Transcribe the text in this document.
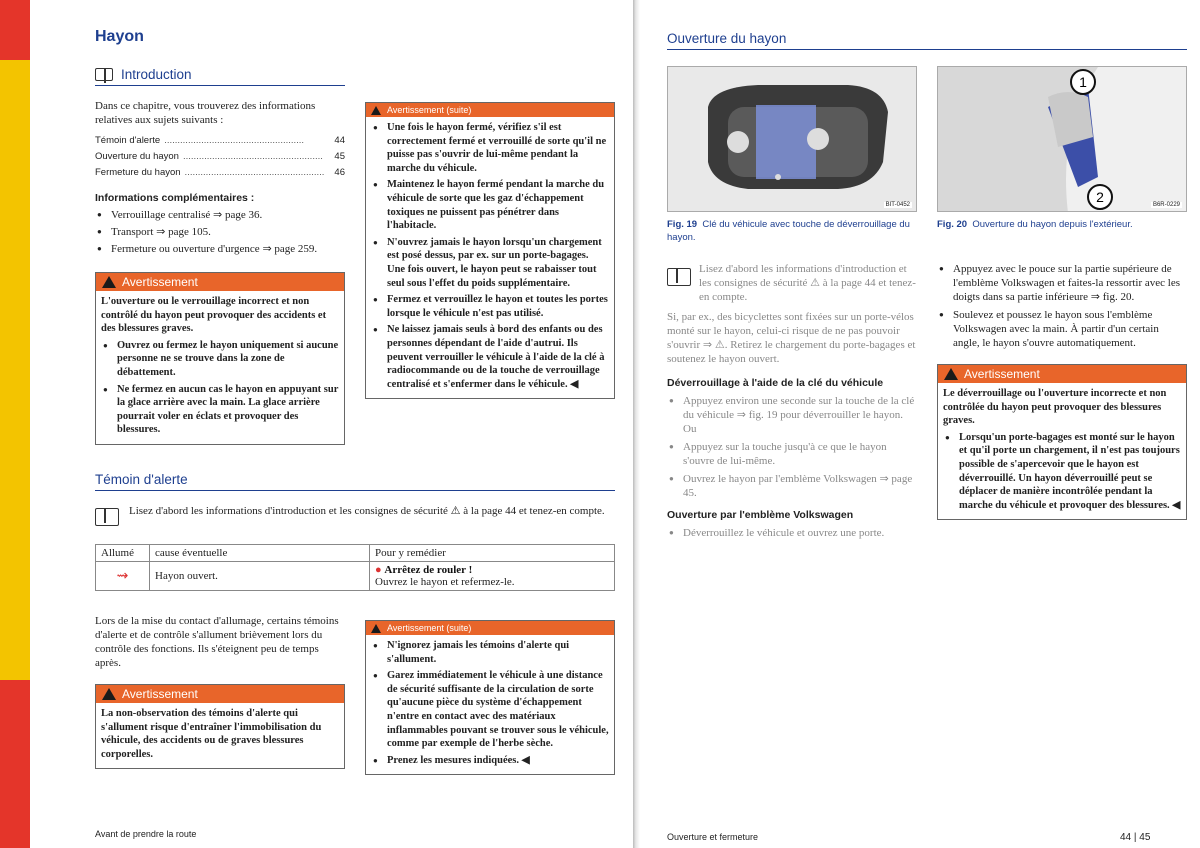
Hayon
Introduction

Dans ce chapitre, vous trouverez des informations relatives aux sujets suivants :

Témoin d'alerte .....................................................	44
Ouverture du hayon .....................................................	45
Fermeture du hayon .....................................................	46

Informations complémentaires :

● Verrouillage centralisé ⇒ page 36.
● Transport ⇒ page 105.
● Fermeture ou ouverture d'urgence ⇒ page 259.
Avertissement

L'ouverture ou le verrouillage incorrect et non contrôlé du hayon peut provoquer des accidents et des blessures graves.

● Ouvrez ou fermez le hayon uniquement si aucune personne ne se trouve dans la zone de débattement.

● Ne fermez en aucun cas le hayon en appuyant sur la glace arrière avec la main. La glace arrière pourrait voler en éclats et provoquer des blessures.

Avertissement (suite)

● Une fois le hayon fermé, vérifiez s'il est correctement fermé et verrouillé de sorte qu'il ne puisse pas s'ouvrir de lui-même pendant la marche du véhicule.

● Maintenez le hayon fermé pendant la marche du véhicule de sorte que les gaz d'échappement toxiques ne puissent pas pénétrer dans l'habitacle.

● N'ouvrez jamais le hayon lorsqu'un chargement est posé dessus, par ex. sur un porte-bagages. Une fois ouvert, le hayon peut se rabaisser tout seul sous l'effet du poids supplémentaire.

● Fermez et verrouillez le hayon et toutes les portes lorsque le véhicule n'est pas utilisé.

● Ne laissez jamais seuls à bord des enfants ou des personnes dépendant de l'aide d'autrui. Ils peuvent verrouiller le véhicule à l'aide de la clé à radiocommande ou de la touche de verrouillage centralisé et s'enfermer dans le véhicule. ◀

Témoin d'alerte

Lisez d'abord les informations d'introduction et les consignes de sécurité ⚠ à la page 44 et tenez-en compte.

Allumé	cause éventuelle	Pour y remédier
⇝	Hayon ouvert.	● Arrêtez de rouler !
Ouvrez le hayon et refermez-le.

Lors de la mise du contact d'allumage, certains témoins d'alerte et de contrôle s'allument brièvement lors du contrôle des fonctions. Ils s'éteignent peu de temps après.

Avertissement

La non-observation des témoins d'alerte qui s'allument risque d'entraîner l'immobilisation du véhicule, des accidents ou de graves blessures corporelles.

Avertissement (suite)

● N'ignorez jamais les témoins d'alerte qui s'allument.

● Garez immédiatement le véhicule à une distance de sécurité suffisante de la circulation de sorte qu'aucune pièce du système d'échappement n'entre en contact avec des matériaux inflammables pouvant se trouver sous le véhicule, comme par exemple de l'herbe sèche.

● Prenez les mesures indiquées. ◀

Avant de prendre la route
Ouverture du hayon
BIT-0452
Fig. 19 Clé du véhicule avec touche de déverrouillage du hayon.
1
2	B6R-0229
Fig. 20 Ouverture du hayon depuis l'extérieur.

Lisez d'abord les informations d'introduction et les consignes de sécurité ⚠ à la page 44 et tenez-en compte.

Si, par ex., des bicyclettes sont fixées sur un porte-vélos monté sur le hayon, celui-ci risque de ne pas pouvoir s'ouvrir ⇒ ⚠. Retirez le chargement du porte-bagages et soutenez le hayon ouvert.

Déverrouillage à l'aide de la clé du véhicule

● Appuyez environ une seconde sur la touche de la clé du véhicule ⇒ fig. 19 pour déverrouiller le hayon. Ou
● Appuyez sur la touche jusqu'à ce que le hayon s'ouvre de lui-même.
● Ouvrez le hayon par l'emblème Volkswagen ⇒ page 45.

Ouverture par l'emblème Volkswagen

● Déverrouillez le véhicule et ouvrez une porte.
● Appuyez avec le pouce sur la partie supérieure de l'emblème Volkswagen et faites-la ressortir avec les doigts dans sa partie inférieure ⇒ fig. 20.
● Soulevez et poussez le hayon sous l'emblème Volkswagen avec la main. À partir d'un certain angle, le hayon s'ouvre automatiquement.
Avertissement

Le déverrouillage ou l'ouverture incorrecte et non contrôlée du hayon peut provoquer des blessures graves.

● Lorsqu'un porte-bagages est monté sur le hayon et qu'il porte un chargement, il n'est pas toujours possible de s'apercevoir que le hayon est déverrouillé. Un hayon déverrouillé peut se déplacer de manière incontrôlée pendant la marche du véhicule et provoquer des blessures. ◀

Ouverture et fermeture	44 | 45
